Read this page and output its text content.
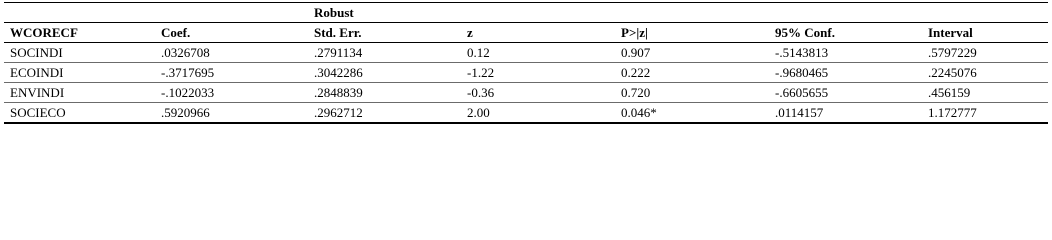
		Robust				
WCORECF	Coef.	Std. Err.	z	P>|z|	95% Conf.	Interval
SOCINDI	.0326708	.2791134	0.12	0.907	-.5143813	.5797229
ECOINDI	-.3717695	.3042286	-1.22	0.222	-.9680465	.2245076
ENVINDI	-.1022033	.2848839	-0.36	0.720	-.6605655	.456159
SOCIECO	.5920966	.2962712	2.00	0.046*	.0114157	1.172777
